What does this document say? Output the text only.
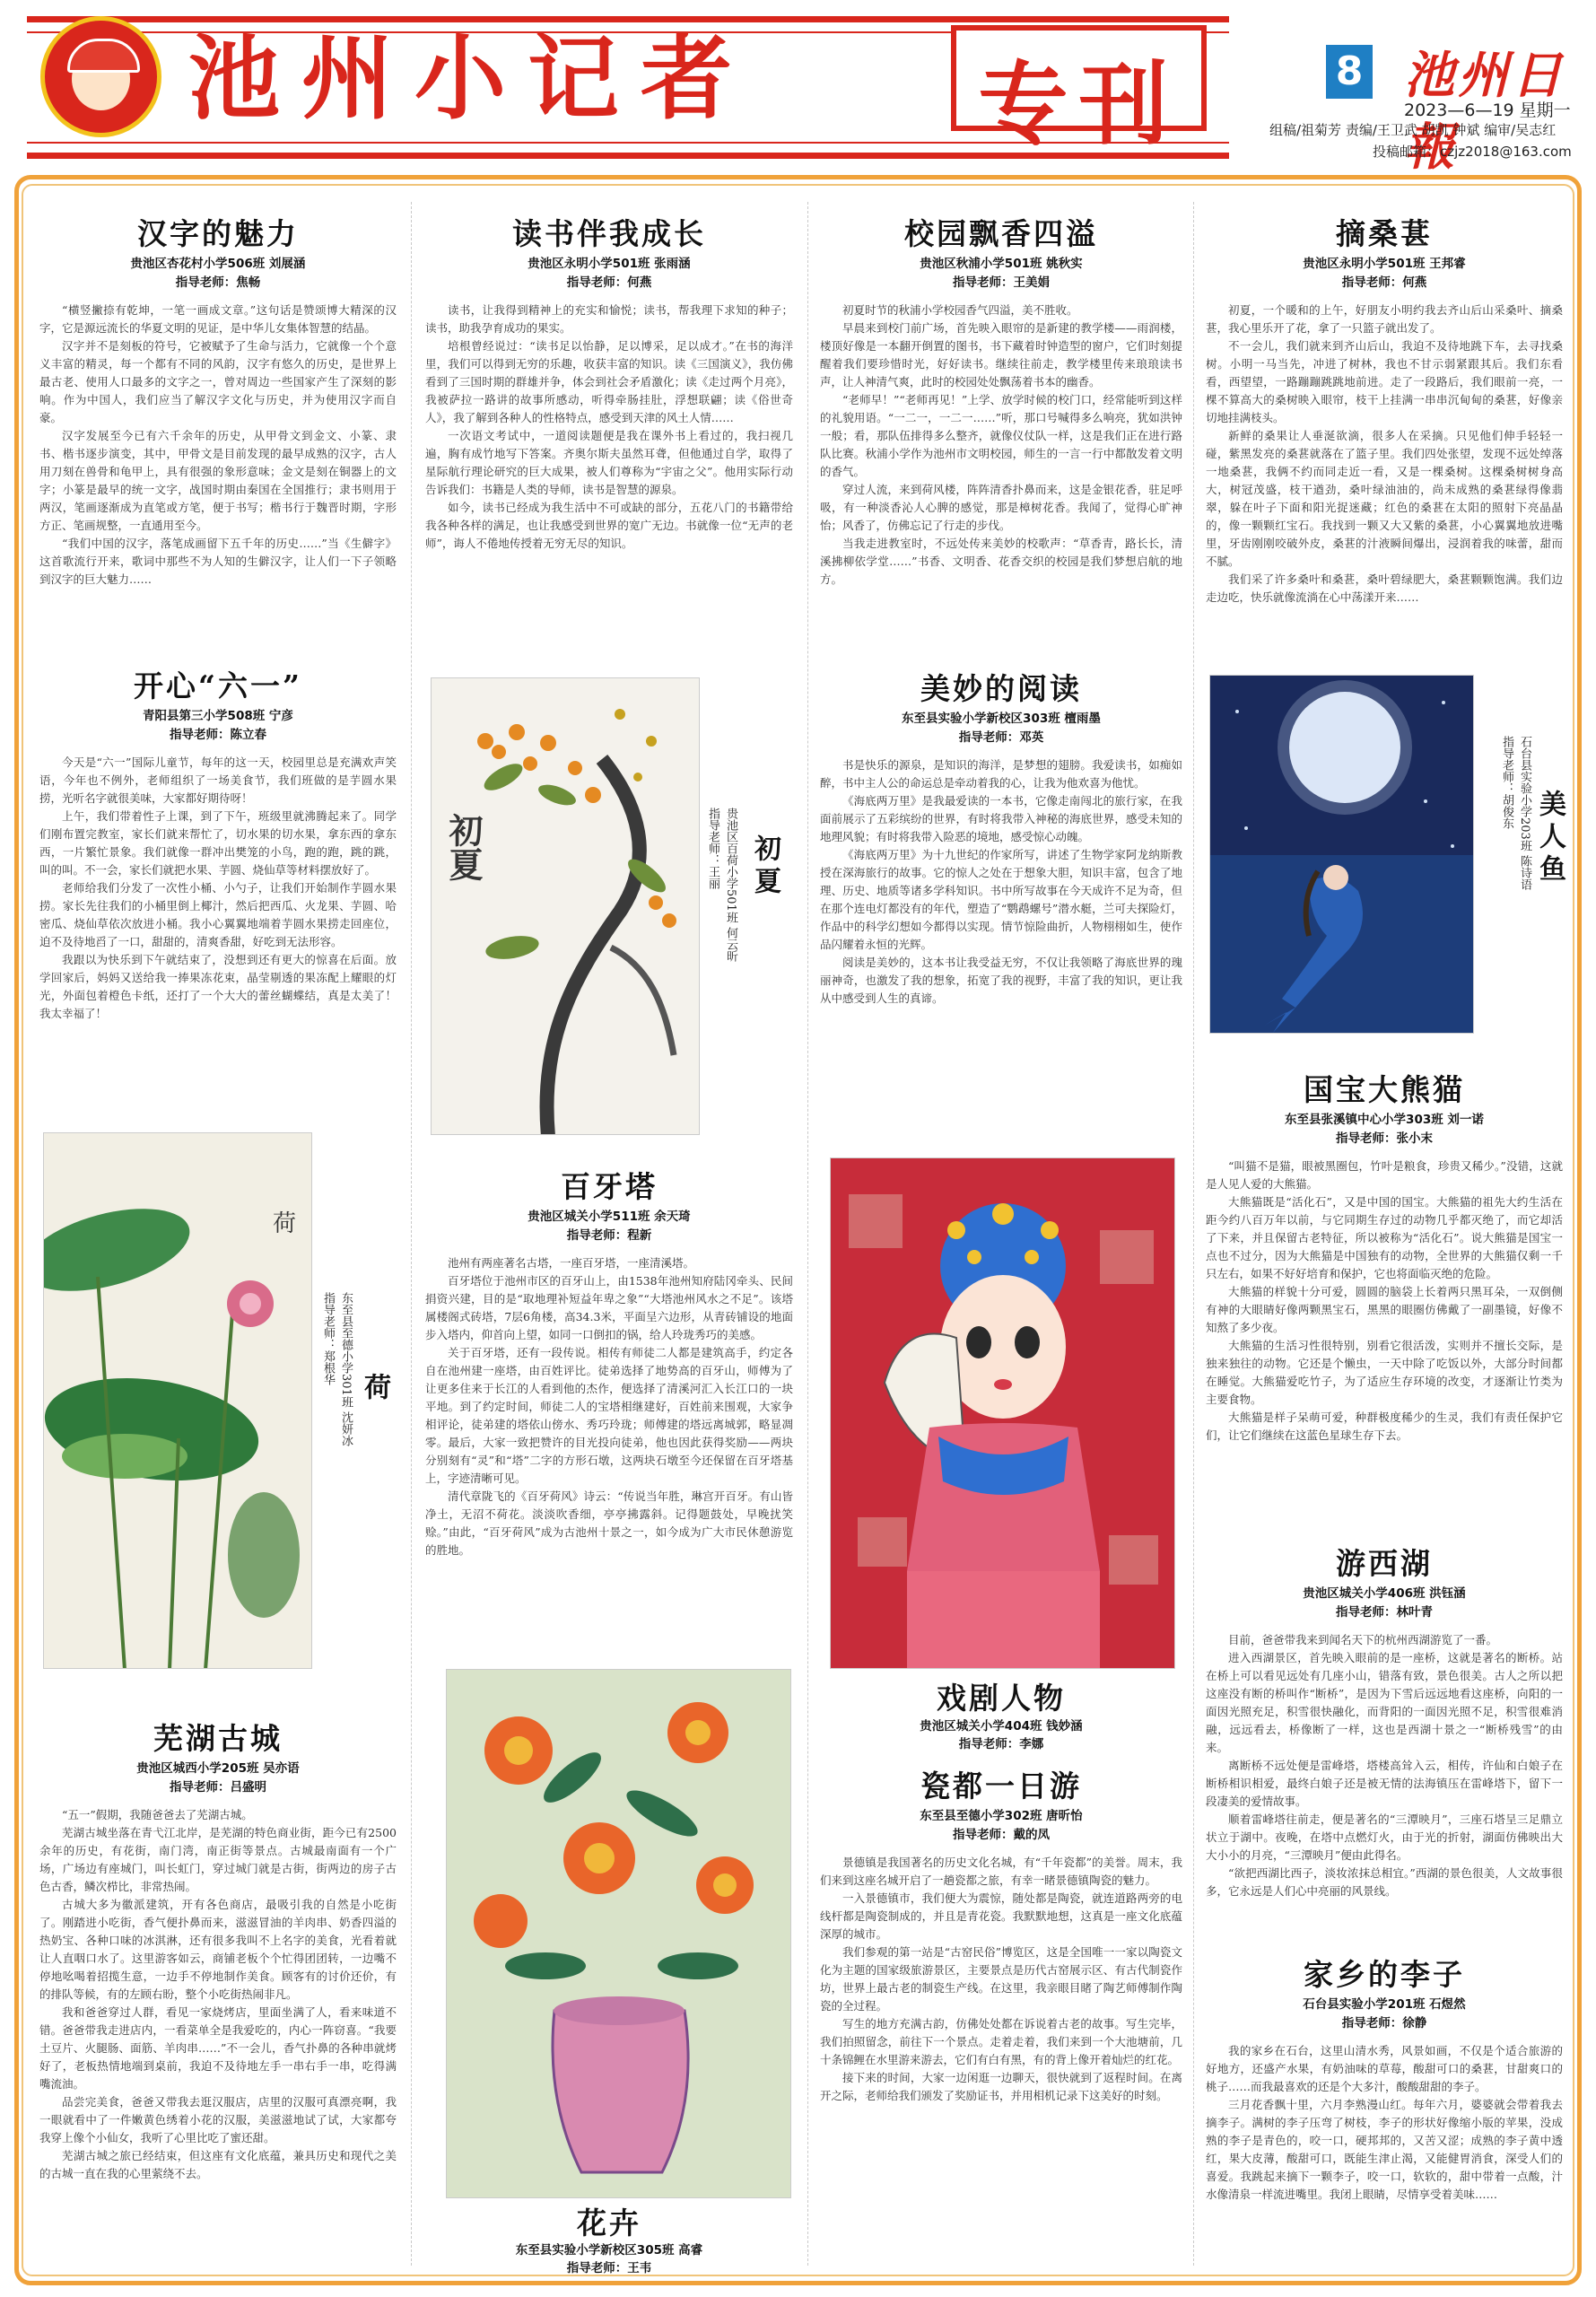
池州小记者	专刊	8 池州日報
2023—6—19 星期一
组稿/祖菊芳 责编/王卫武 胡凯 钟斌 编审/吴志红
投稿邮箱：czjz2018@163.com
汉字的魅力
贵池区杏花村小学506班 刘展涵
指导老师：焦畅

“横竖撇捺有乾坤，一笔一画成文章。”这句话是赞颂博大精深的汉字，它是源远流长的华夏文明的见证，是中华儿女集体智慧的结晶。

汉字并不是刻板的符号，它被赋予了生命与活力，它就像一个个意义丰富的精灵，每一个都有不同的风韵，汉字有悠久的历史，是世界上最古老、使用人口最多的文字之一，曾对周边一些国家产生了深刻的影响。作为中国人，我们应当了解汉字文化与历史，并为使用汉字而自豪。

汉字发展至今已有六千余年的历史，从甲骨文到金文、小篆、隶书、楷书逐步演变，其中，甲骨文是目前发现的最早成熟的汉字，古人用刀刻在兽骨和龟甲上，具有很强的象形意味；金文是刻在铜器上的文字；小篆是最早的统一文字，战国时期由秦国在全国推行；隶书则用于两汉，笔画逐渐成为直笔或方笔，便于书写；楷书行于魏晋时期，字形方正、笔画规整，一直通用至今。

“我们中国的汉字，落笔成画留下五千年的历史……”当《生僻字》这首歌流行开来，歌词中那些不为人知的生僻汉字，让人们一下子领略到汉字的巨大魅力……

开心“六一”
青阳县第三小学508班 宁彦
指导老师：陈立春

今天是“六一”国际儿童节，每年的这一天，校园里总是充满欢声笑语，今年也不例外，老师组织了一场美食节，我们班做的是芋圆水果捞，光听名字就很美味，大家都好期待呀！

上午，我们带着性子上课，到了下午，班级里就沸腾起来了。同学们刚布置完教室，家长们就来帮忙了，切水果的切水果，拿东西的拿东西，一片繁忙景象。我们就像一群冲出樊笼的小鸟，跑的跑，跳的跳，叫的叫。不一会，家长们就把水果、芋圆、烧仙草等材料摆放好了。

老师给我们分发了一次性小桶、小勺子，让我们开始制作芋圆水果捞。家长先往我们的小桶里倒上椰汁，然后把西瓜、火龙果、芋圆、哈密瓜、烧仙草依次放进小桶。我小心翼翼地端着芋圆水果捞走回座位，迫不及待地舀了一口，甜甜的，清爽香甜，好吃到无法形容。

我跟以为快乐到下午就结束了，没想到还有更大的惊喜在后面。放学回家后，妈妈又送给我一捧果冻花束，晶莹剔透的果冻配上耀眼的灯光，外面包着橙色卡纸，还打了一个大大的蕾丝蝴蝶结，真是太美了！我太幸福了！

荷
东至县至德小学301班 沈妍冰
指导老师：郑根华
荷
芜湖古城
贵池区城西小学205班 吴亦语
指导老师：吕盛明

“五一”假期，我随爸爸去了芜湖古城。

芜湖古城坐落在青弋江北岸，是芜湖的特色商业街，距今已有2500余年的历史，有花街，南门湾，南正街等景点。古城最南面有一个广场，广场边有座城门，叫长虹门，穿过城门就是古街，街两边的房子古色古香，鳞次栉比，非常热闹。

古城大多为徽派建筑，开有各色商店，最吸引我的自然是小吃街了。刚踏进小吃街，香气便扑鼻而来，滋滋冒油的羊肉串、奶香四溢的热奶宝、各种口味的冰淇淋，还有很多我叫不上名字的美食，光看着就让人直咽口水了。这里游客如云，商铺老板个个忙得团团转，一边嘴不停地吆喝着招揽生意，一边手不停地制作美食。顾客有的讨价还价，有的排队等候，有的左顾右盼，整个小吃街热闹非凡。

我和爸爸穿过人群，看见一家烧烤店，里面坐满了人，看来味道不错。爸爸带我走进店内，一看菜单全是我爱吃的，内心一阵窃喜。“我要土豆片、火腿肠、面筋、羊肉串……”不一会儿，香气扑鼻的各种串就烤好了，老板热情地端到桌前，我迫不及待地左手一串右手一串，吃得满嘴流油。

品尝完美食，爸爸又带我去逛汉服店，店里的汉服可真漂亮啊，我一眼就看中了一件嫩黄色绣着小花的汉服，美滋滋地试了试，大家都夸我穿上像个小仙女，我听了心里比吃了蜜还甜。

芜湖古城之旅已经结束，但这座有文化底蕴，兼具历史和现代之美的古城一直在我的心里萦绕不去。

读书伴我成长
贵池区永明小学501班 张雨涵
指导老师：何燕

读书，让我得到精神上的充实和愉悦；读书，帮我理下求知的种子；读书，助我孕育成功的果实。

培根曾经说过：“读书足以怡静，足以博采，足以成才。”在书的海洋里，我们可以得到无穷的乐趣，收获丰富的知识。读《三国演义》，我仿佛看到了三国时期的群雄并争，体会到社会矛盾激化；读《走过两个月亮》，我被萨拉一路讲的故事所感动，听得牵肠挂肚，浮想联翩；读《俗世奇人》，我了解到各种人的性格特点，感受到天津的风土人情……

一次语文考试中，一道阅读题便是我在课外书上看过的，我扫视几遍，胸有成竹地写下答案。齐奥尔斯夫虽然耳聋，但他通过自学，取得了星际航行理论研究的巨大成果，被人们尊称为“宇宙之父”。他用实际行动告诉我们：书籍是人类的导师，读书是智慧的源泉。

如今，读书已经成为我生活中不可或缺的部分，五花八门的书籍带给我各种各样的满足，也让我感受到世界的宽广无边。书就像一位“无声的老师”，诲人不倦地传授着无穷无尽的知识。

初夏	贵池区百荷小学501班 何云昕
指导老师：王丽 初夏
百牙塔
贵池区城关小学511班 余天琦
指导老师：程新

池州有两座著名古塔，一座百牙塔，一座清溪塔。

百牙塔位于池州市区的百牙山上，由1538年池州知府陆冈牵头、民间捐资兴建，目的是“取地理补短益年卑之象”“大塔池州风水之不足”。该塔属楼阁式砖塔，7层6角楼，高34.3米，平面呈六边形，从青砖铺设的地面步入塔内，仰首向上望，如同一口倒扣的锅，给人玲珑秀巧的美感。

关于百牙塔，还有一段传说。相传有师徒二人都是建筑高手，约定各自在池州建一座塔，由百姓评比。徒弟选择了地势高的百牙山，师傅为了让更多住来于长江的人看到他的杰作，便选择了清溪河汇入长江口的一块平地。到了约定时间，师徒二人的宝塔相继建好，百姓前来围观，大家争相评论，徒弟建的塔依山傍水、秀巧玲珑；师傅建的塔远离城郭，略显凋零。最后，大家一致把赞许的目光投向徒弟，他也因此获得奖励——两块分别刻有“灵”和“塔”二字的方形石墩，这两块石墩至今还保留在百牙塔基上，字迹清晰可见。

清代章陇飞的《百牙荷风》诗云：“传说当年胜，琳宫开百牙。有山皆净土，无沼不荷花。淡淡吹香细，亭亭拂露斜。记得题鼓处，早晚扰笑赊。”由此，“百牙荷风”成为古池州十景之一，如今成为广大市民休憩游览的胜地。

花卉
东至县实验小学新校区305班 高睿
指导老师：王韦
校园飘香四溢
贵池区秋浦小学501班 姚秋实
指导老师：王美娟

初夏时节的秋浦小学校园香气四溢，美不胜收。

早晨来到校门前广场，首先映入眼帘的是新建的教学楼——雨润楼，楼顶好像是一本翻开倒置的图书，书下藏着时钟造型的窗户，它们时刻提醒着我们要珍惜时光，好好读书。继续往前走，教学楼里传来琅琅读书声，让人神清气爽，此时的校园处处飘荡着书本的幽香。

“老师早！”“老师再见！”上学、放学时候的校门口，经常能听到这样的礼貌用语。“一二一，一二一……”听，那口号喊得多么响亮，犹如洪钟一般；看，那队伍排得多么整齐，就像仪仗队一样，这是我们正在进行路队比赛。秋浦小学作为池州市文明校园，师生的一言一行中都散发着文明的香气。

穿过人流，来到荷风楼，阵阵清香扑鼻而来，这是金银花香，驻足呼吸，有一种淡香沁人心脾的感觉，那是樟树花香。我闻了，觉得心旷神怡；风香了，仿佛忘记了行走的步伐。

当我走进教室时，不远处传来美妙的校歌声：“草香青，路长长，清溪拂柳依学堂……”书香、文明香、花香交织的校园是我们梦想启航的地方。

美妙的阅读
东至县实验小学新校区303班 檀雨墨
指导老师：邓英

书是快乐的源泉，是知识的海洋，是梦想的翅膀。我爱读书，如痴如醉，书中主人公的命运总是牵动着我的心，让我为他欢喜为他忧。

《海底两万里》是我最爱读的一本书，它像走南闯北的旅行家，在我面前展示了五彩缤纷的世界，有时将我带入神秘的海底世界，感受未知的地理风貌；有时将我带入险恶的境地，感受惊心动魄。

《海底两万里》为十九世纪的作家所写，讲述了生物学家阿龙纳斯教授在深海旅行的故事。它的惊人之处在于想象大胆，知识丰富，包含了地理、历史、地质等诸多学科知识。书中所写故事在今天成许不足为奇，但在那个连电灯都没有的年代，塑造了“鹦鹉螺号”潜水艇，兰可夫探险灯，作品中的科学幻想如今都得以实现。情节惊险曲折，人物栩栩如生，使作品闪耀着永恒的光辉。

阅读是美妙的，这本书让我受益无穷，不仅让我领略了海底世界的瑰丽神奇，也激发了我的想象，拓宽了我的视野，丰富了我的知识，更让我从中感受到人生的真谛。

戏剧人物
贵池区城关小学404班 钱妙涵
指导老师：李娜
瓷都一日游
东至县至德小学302班 唐昕怡
指导老师：戴的凤

景德镇是我国著名的历史文化名城，有“千年瓷都”的美誉。周末，我们来到这座名城开启了一趟瓷都之旅，有幸一睹景德镇陶瓷的魅力。

一入景德镇市，我们便大为震惊，随处都是陶瓷，就连道路两旁的电线杆都是陶瓷制成的，并且是青花瓷。我默默地想，这真是一座文化底蕴深厚的城市。

我们参观的第一站是“古窑民俗”博览区，这是全国唯一一家以陶瓷文化为主题的国家级旅游景区，主要景点是历代古窑展示区、有古代制瓷作坊，世界上最古老的制瓷生产线。在这里，我亲眼目睹了陶艺师傅制作陶瓷的全过程。

写生的地方充满古韵，仿佛处处都在诉说着古老的故事。写生完毕，我们拍照留念，前往下一个景点。走着走着，我们来到一个大池塘前，几十条锦鲤在水里游来游去，它们有白有黑，有的背上像开着灿烂的红花。

接下来的时间，大家一边闲逛一边聊天，很快就到了返程时间。在离开之际，老师给我们颁发了奖励证书，并用相机记录下这美好的时刻。

摘桑葚
贵池区永明小学501班 王邦睿
指导老师：何燕

初夏，一个暖和的上午，好朋友小明约我去齐山后山采桑叶、摘桑葚，我心里乐开了花，拿了一只篮子就出发了。

不一会儿，我们就来到齐山后山，我迫不及待地跳下车，去寻找桑树。小明一马当先，冲进了树林，我也不甘示弱紧跟其后。我们东看看，西望望，一路蹦蹦跳跳地前进。走了一段路后，我们眼前一亮，一棵不算高大的桑树映入眼帘，枝干上挂满一串串沉甸甸的桑葚，好像亲切地挂满枝头。

新鲜的桑果让人垂涎欲滴，很多人在采摘。只见他们伸手轻轻一碰，紫黑发亮的桑葚就落在了篮子里。我们四处张望，发现不远处绰落一地桑葚，我俩不约而同走近一看，又是一棵桑树。这棵桑树树身高大，树冠茂盛，枝干遒劲，桑叶绿油油的，尚未成熟的桑葚绿得像翡翠，躲在叶子下面和阳光捉迷藏；红色的桑葚在太阳的照射下亮晶晶的，像一颗颗红宝石。我找到一颗又大又紫的桑葚，小心翼翼地放进嘴里，牙齿刚刚咬破外皮，桑葚的汁液瞬间爆出，浸润着我的味蕾，甜而不腻。

我们采了许多桑叶和桑葚，桑叶碧绿肥大，桑葚颗颗饱满。我们边走边吃，快乐就像流淌在心中荡漾开来……

石台县实验小学203班 陈诗语
指导老师：胡俊东
美人鱼
国宝大熊猫
东至县张溪镇中心小学303班 刘一诺
指导老师：张小末

“叫猫不是猫，眼被黑圈包，竹叶是粮食，珍贵又稀少。”没错，这就是人见人爱的大熊猫。

大熊猫既是“活化石”，又是中国的国宝。大熊猫的祖先大约生活在距今约八百万年以前，与它同期生存过的动物几乎都灭绝了，而它却活了下来，并且保留古老特征，所以被称为“活化石”。说大熊猫是国宝一点也不过分，因为大熊猫是中国独有的动物，全世界的大熊猫仅剩一千只左右，如果不好好培育和保护，它也将面临灭绝的危险。

大熊猫的样貌十分可爱，圆圆的脑袋上长着两只黑耳朵，一双倒侧有神的大眼睛好像两颗黑宝石，黑黑的眼圈仿佛戴了一副墨镜，好像不知熬了多少夜。

大熊猫的生活习性很特别，别看它很活泼，实则并不擅长交际，是独来独往的动物。它还是个懒虫，一天中除了吃饭以外，大部分时间都在睡觉。大熊猫爱吃竹子，为了适应生存环境的改变，才逐渐让竹类为主要食物。

大熊猫是样子呆萌可爱，种群极度稀少的生灵，我们有责任保护它们，让它们继续在这蓝色星球生存下去。

游西湖
贵池区城关小学406班 洪钰涵
指导老师：林叶青

目前，爸爸带我来到闻名天下的杭州西湖游览了一番。

进入西湖景区，首先映入眼前的是一座桥，这就是著名的断桥。站在桥上可以看见远处有几座小山，错落有致，景色很美。古人之所以把这座没有断的桥叫作“断桥”，是因为下雪后远远地看这座桥，向阳的一面因光照充足，积雪很快融化，而背阳的一面因光照不足，积雪很难消融，远远看去，桥像断了一样，这也是西湖十景之一“断桥残雪”的由来。

离断桥不远处便是雷峰塔，塔楼高耸入云，相传，许仙和白娘子在断桥相识相爱，最终白娘子还是被无情的法海镇压在雷峰塔下，留下一段凄美的爱情故事。

顺着雷峰塔往前走，便是著名的“三潭映月”，三座石塔呈三足鼎立状立于湖中。夜晚，在塔中点燃灯火，由于光的折射，湖面仿佛映出大大小小的月亮，“三潭映月”便由此得名。

“欲把西湖比西子，淡妆浓抹总相宜。”西湖的景色很美，人文故事很多，它永远是人们心中亮丽的风景线。

家乡的李子
石台县实验小学201班 石煜然
指导老师：徐静

我的家乡在石台，这里山清水秀，风景如画，不仅是个适合旅游的好地方，还盛产水果，有奶油味的草莓，酸甜可口的桑葚，甘甜爽口的桃子……而我最喜欢的还是个大多汁，酸酸甜甜的李子。

三月花香飘十里，六月李熟漫山红。每年六月，婆婆就会带着我去摘李子。满树的李子压弯了树枝，李子的形状好像缩小版的苹果，没成熟的李子是青色的，咬一口，硬邦邦的，又苦又涩；成熟的李子黄中透红，果大皮薄，酸甜可口，既能生津止渴，又能健胃消食，深受人们的喜爱。我跳起来摘下一颗李子，咬一口，软软的，甜中带着一点酸，汁水像清泉一样流进嘴里。我闭上眼睛，尽情享受着美味……
